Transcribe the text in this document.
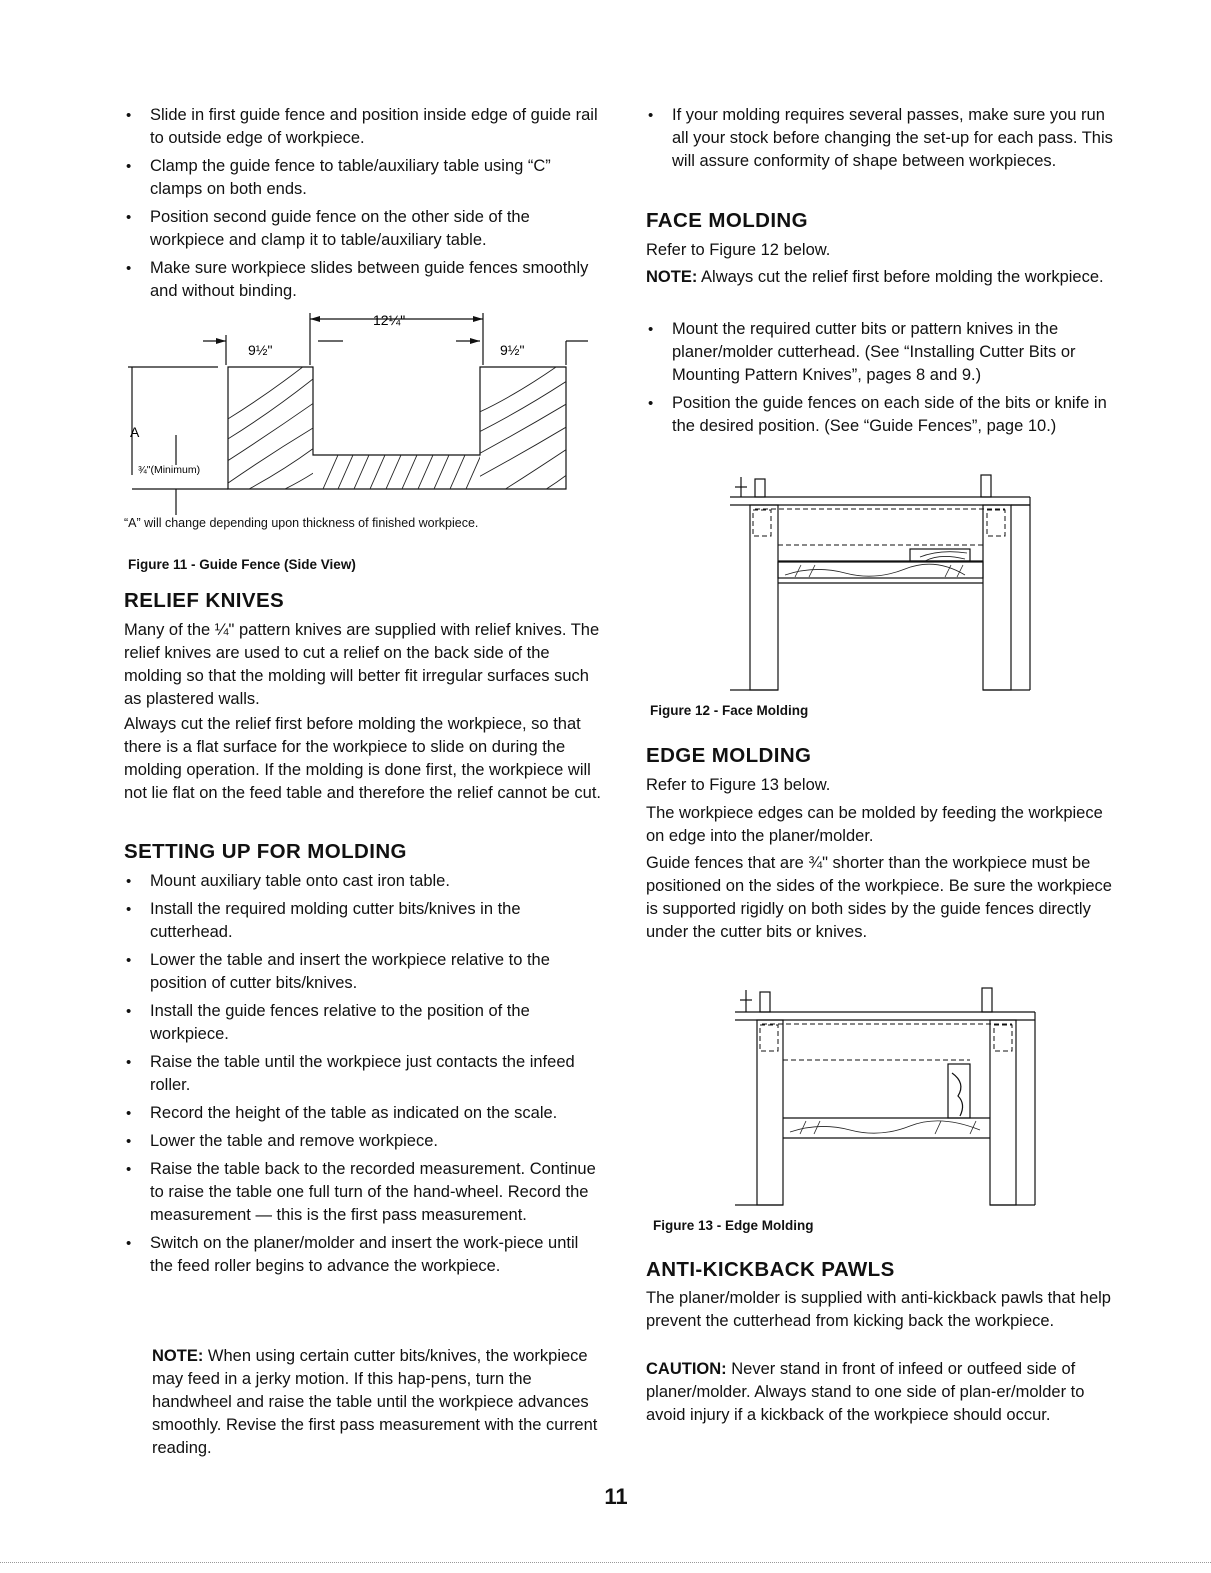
• Slide in first guide fence and position inside edge of guide rail to outside edge of workpiece.
• Clamp the guide fence to table/auxiliary table using “C” clamps on both ends.
• Position second guide fence on the other side of the workpiece and clamp it to table/auxiliary table.
• Make sure workpiece slides between guide fences smoothly and without binding.
12¼"
9½"	9½"
A
¾"(Minimum)

“A” will change depending upon thickness of finished workpiece.

Figure 11 - Guide Fence (Side View)

RELIEF KNIVES

Many of the ¼" pattern knives are supplied with relief knives. The relief knives are used to cut a relief on the back side of the molding so that the molding will better fit irregular surfaces such as plastered walls.

Always cut the relief first before molding the workpiece, so that there is a flat surface for the workpiece to slide on during the molding operation. If the molding is done first, the workpiece will not lie flat on the feed table and therefore the relief cannot be cut.

SETTING UP FOR MOLDING
• Mount auxiliary table onto cast iron table.
• Install the required molding cutter bits/knives in the cutterhead.
• Lower the table and insert the workpiece relative to the position of cutter bits/knives.
• Install the guide fences relative to the position of the workpiece.
• Raise the table until the workpiece just contacts the infeed roller.
• Record the height of the table as indicated on the scale.
• Lower the table and remove workpiece.
• Raise the table back to the recorded measurement. Continue to raise the table one full turn of the hand-wheel. Record the measurement — this is the first pass measurement.
• Switch on the planer/molder and insert the work-piece until the feed roller begins to advance the workpiece.

NOTE: When using certain cutter bits/knives, the workpiece may feed in a jerky motion. If this hap-pens, turn the handwheel and raise the table until the workpiece advances smoothly. Revise the first pass measurement with the current reading.

• If your molding requires several passes, make sure you run all your stock before changing the set-up for each pass. This will assure conformity of shape between workpieces.
FACE MOLDING

Refer to Figure 12 below.

NOTE: Always cut the relief first before molding the workpiece.

• Mount the required cutter bits or pattern knives in the planer/molder cutterhead. (See “Installing Cutter Bits or Mounting Pattern Knives”, pages 8 and 9.)
• Position the guide fences on each side of the bits or knife in the desired position. (See “Guide Fences”, page 10.)

Figure 12 - Face Molding

EDGE MOLDING

Refer to Figure 13 below.

The workpiece edges can be molded by feeding the workpiece on edge into the planer/molder.

Guide fences that are ¾" shorter than the workpiece must be positioned on the sides of the workpiece. Be sure the workpiece is supported rigidly on both sides by the guide fences directly under the cutter bits or knives.

Figure 13 - Edge Molding

ANTI-KICKBACK PAWLS

The planer/molder is supplied with anti-kickback pawls that help prevent the cutterhead from kicking back the workpiece.

CAUTION: Never stand in front of infeed or outfeed side of planer/molder. Always stand to one side of plan-er/molder to avoid injury if a kickback of the workpiece should occur.

11
